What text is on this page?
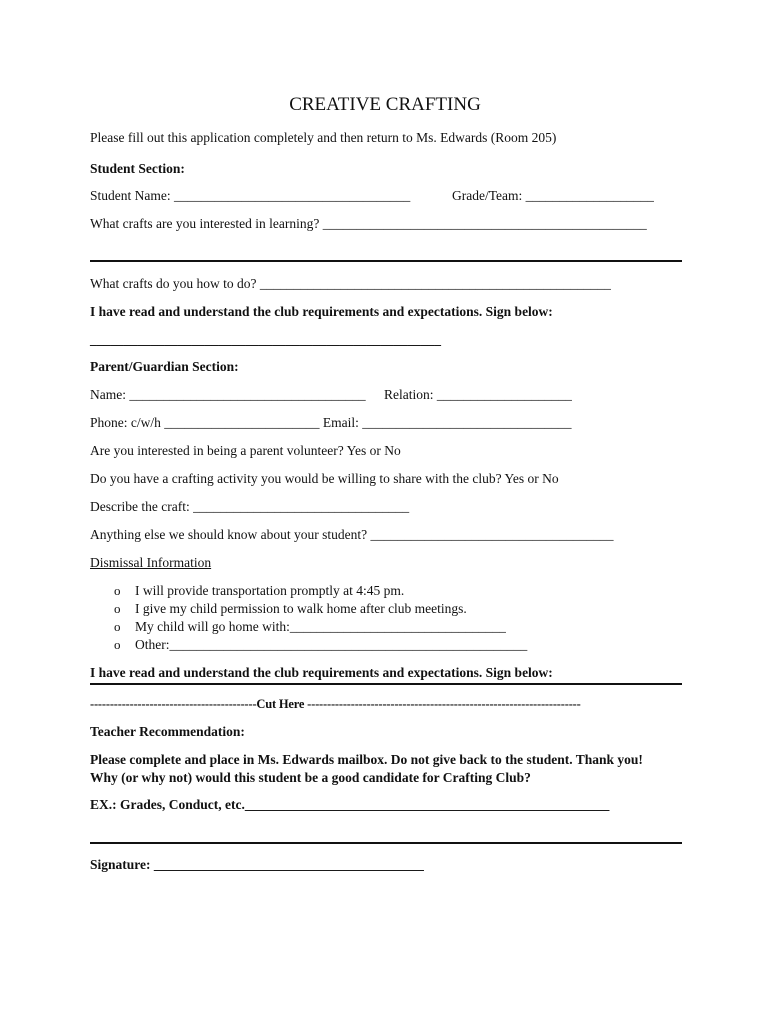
CREATIVE CRAFTING
Please fill out this application completely and then return to Ms. Edwards (Room 205)
Student Section:
Student Name: ___________________________________	Grade/Team: ___________________
What crafts are you interested in learning? ________________________________________________
What crafts do you how to do? ____________________________________________________
I have read and understand the club requirements and expectations. Sign below:
____________________________________________________
Parent/Guardian Section:
Name: ___________________________________ Relation: ____________________
Phone: c/w/h _______________________ Email: _______________________________
Are you interested in being a parent volunteer? Yes or No
Do you have a crafting activity you would be willing to share with the club? Yes or No
Describe the craft: ________________________________
Anything else we should know about your student? ____________________________________
Dismissal Information
o I will provide transportation promptly at 4:45 pm.
o I give my child permission to walk home after club meetings.
o My child will go home with:________________________________
o Other:_____________________________________________________
I have read and understand the club requirements and expectations. Sign below:
------------------------------------------Cut Here ---------------------------------------------------------------------
Teacher Recommendation:
Please complete and place in Ms. Edwards mailbox. Do not give back to the student. Thank you!
Why (or why not) would this student be a good candidate for Crafting Club?
EX.: Grades, Conduct, etc.______________________________________________________
Signature: ________________________________________
